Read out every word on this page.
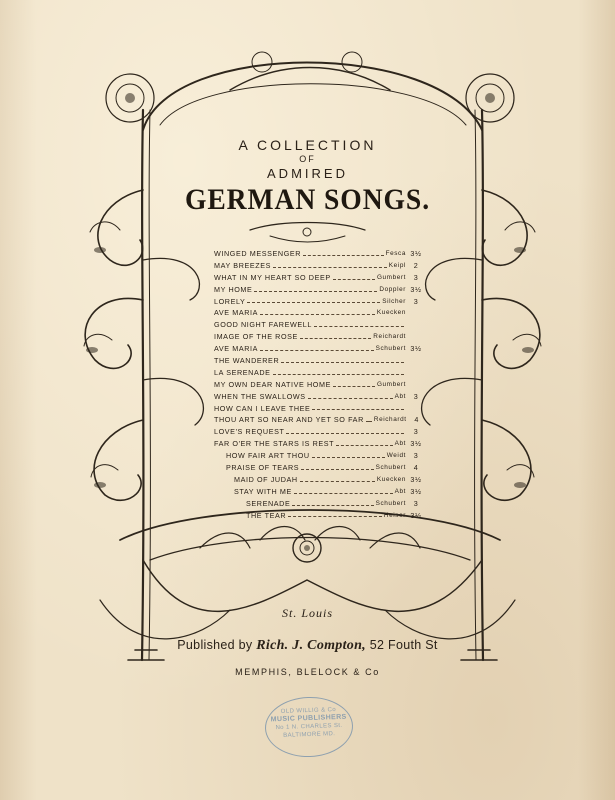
A COLLECTION
OF
ADMIRED
GERMAN SONGS.
WINGED MESSENGER	Fesca 3½
MAY BREEZES	Keipl	2
WHAT IN MY HEART SO DEEP	Gumbert	3
MY HOME	Doppler 3½
LORELY	Silcher	3
AVE MARIA	Kuecken
GOOD NIGHT FAREWELL
IMAGE OF THE ROSE	Reichardt
AVE MARIA	Schubert 3½
THE WANDERER
LA SERENADE
MY OWN DEAR NATIVE HOME	Gumbert
WHEN THE SWALLOWS	Abt	3
HOW CAN I LEAVE THEE
THOU ART SO NEAR AND YET SO FAR Reichardt	4
LOVE'S REQUEST	3
FAR O'ER THE STARS IS REST	Abt 3½
HOW FAIR ART THOU	Weidt	3
PRAISE OF TEARS	Schubert	4
MAID OF JUDAH	Kuecken 3½
STAY WITH ME	Abt 3½
SERENADE	Schubert	3
THE TEAR	Heiser 3½
St. Louis
Published by Rich. J. Compton, 52 Fouth St
MEMPHIS, BLELOCK & Co
OLD WILLIG & Co
MUSIC PUBLISHERS
No 1 N. CHARLES St.
BALTIMORE MD.
